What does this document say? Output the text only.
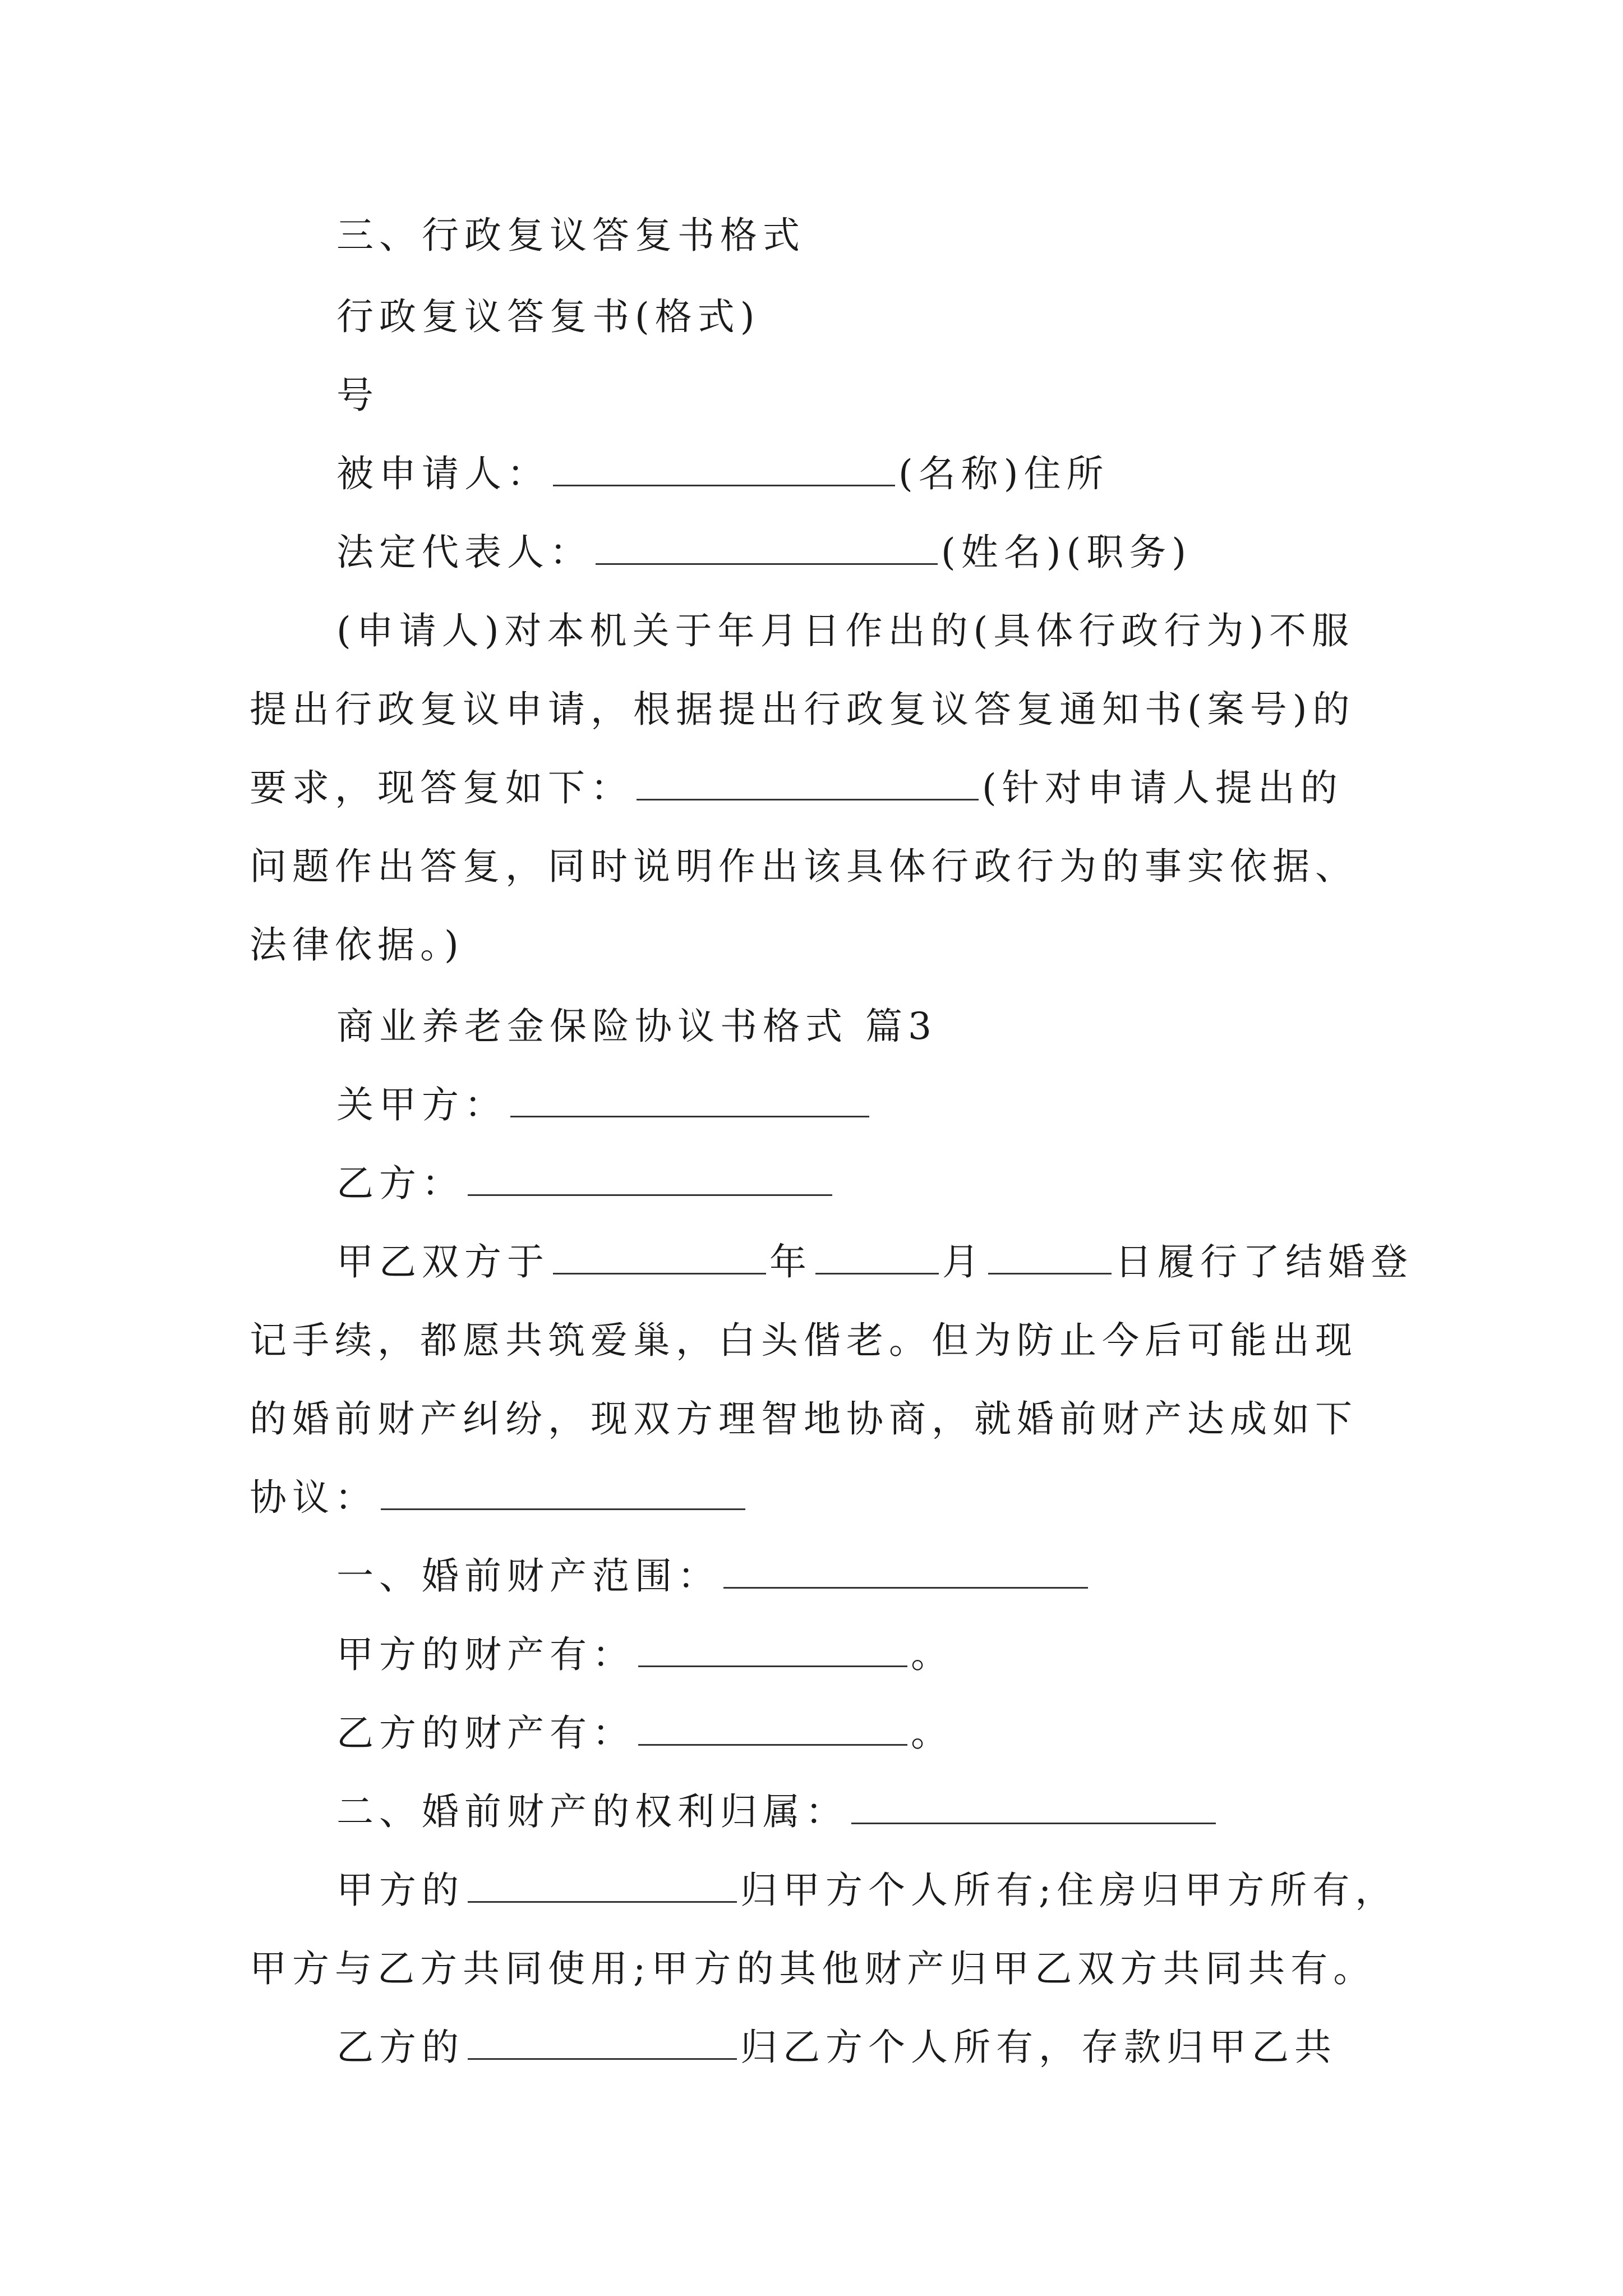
三、行政复议答复书格式

行政复议答复书(格式)

号

被申请人：	(名称)住所

法定代表人：	(姓名)(职务)

(申请人)对本机关于年月日作出的(具体行政行为)不服

提出行政复议申请，根据提出行政复议答复通知书(案号)的

要求，现答复如下：	(针对申请人提出的

问题作出答复，同时说明作出该具体行政行为的事实依据、

法律依据。)

商业养老金保险协议书格式 篇3

关甲方：

乙方：

甲乙双方于	年	月	日履行了结婚登

记手续，都愿共筑爱巢，白头偕老。但为防止今后可能出现

的婚前财产纠纷，现双方理智地协商，就婚前财产达成如下

协议：

一、婚前财产范围：

甲方的财产有：	。

乙方的财产有：	。

二、婚前财产的权利归属：

甲方的	归甲方个人所有;住房归甲方所有，

甲方与乙方共同使用;甲方的其他财产归甲乙双方共同共有。

乙方的	归乙方个人所有，存款归甲乙共
